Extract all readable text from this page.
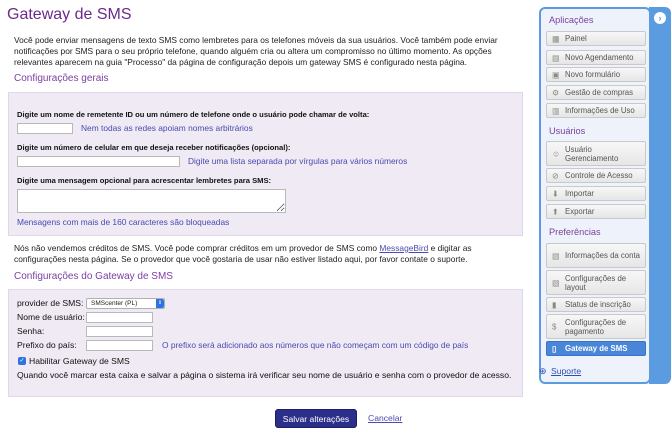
Gateway de SMS

Você pode enviar mensagens de texto SMS como lembretes para os telefones móveis da sua usuários. Você também pode enviar notificações por SMS para o seu próprio telefone, quando alguém cria ou altera um compromisso no último momento. As opções relevantes aparecem na guia "Processo" da página de configuração depois um gateway SMS é configurado nesta página.

Configurações gerais
Digite um nome de remetente ID ou um número de telefone onde o usuário pode chamar de volta:
Nem todas as redes apoiam nomes arbitrários
Digite um número de celular em que deseja receber notificações (opcional):
Digite uma lista separada por vírgulas para vários números
Digite uma mensagem opcional para acrescentar lembretes para SMS:
Mensagens com mais de 160 caracteres são bloqueadas

Nós não vendemos créditos de SMS. Você pode comprar créditos em um provedor de SMS como MessageBird e digitar as configurações nesta página. Se o provedor que você gostaria de usar não estiver listado aqui, por favor contate o suporte.

Configurações do Gateway de SMS
provider de SMS:	SMScenter (PL)	⇕
Nome de usuário:
Senha:
Prefixo do país:	O prefixo será adicionado aos números que não começam com um código de país
✓ Habilitar Gateway de SMS
Quando você marcar esta caixa e salvar a página o sistema irá verificar seu nome de usuário e senha com o provedor de acesso.
Salvar alterações	Cancelar
›
Aplicações
▦ Painel
▤ Novo Agendamento
▣ Novo formulário
⚙ Gestão de compras
▥ Informações de Uso
Usuários
☺ Usuário Gerenciamento
⊘ Controle de Acesso
⬇ Importar
⬆ Exportar
Preferências
▤ Informações da conta
▧ Configurações de layout
▮ Status de inscrição
$ Configurações de pagamento
▯ Gateway de SMS
⊕ Suporte
